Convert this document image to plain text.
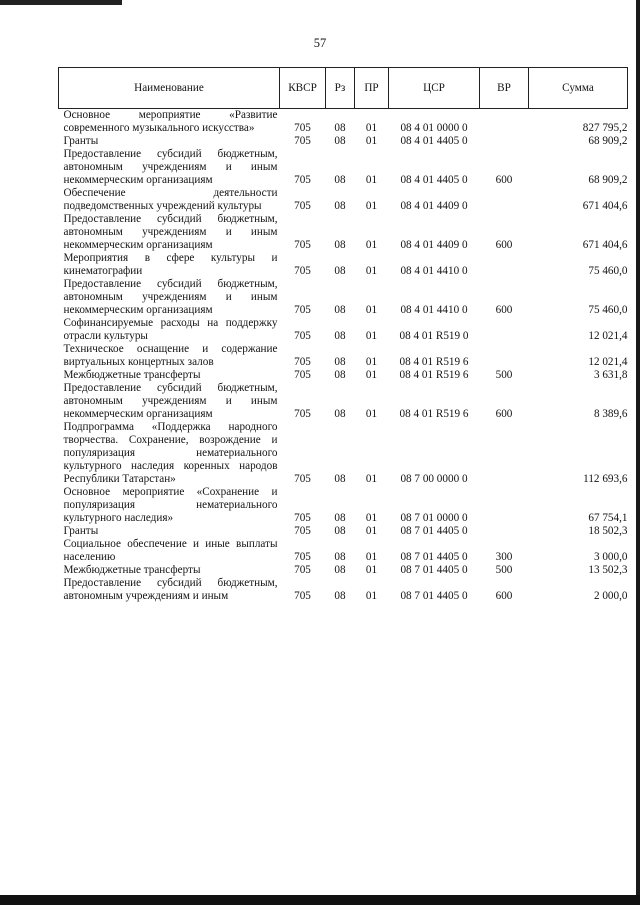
57
Наименование	КВСР	Рз	ПР	ЦСР	ВР	Сумма
Основное мероприятие «Развитие современного музыкального искусства»	705	08	01	08 4 01 0000 0		827 795,2
Гранты	705	08	01	08 4 01 4405 0		68 909,2
Предоставление субсидий бюджетным, автономным учреждениям и иным некоммерческим организациям	705	08	01	08 4 01 4405 0	600	68 909,2
Обеспечение деятельности подведомственных учреждений культуры	705	08	01	08 4 01 4409 0		671 404,6
Предоставление субсидий бюджетным, автономным учреждениям и иным некоммерческим организациям	705	08	01	08 4 01 4409 0	600	671 404,6
Мероприятия в сфере культуры и кинематографии	705	08	01	08 4 01 4410 0		75 460,0
Предоставление субсидий бюджетным, автономным учреждениям и иным некоммерческим организациям	705	08	01	08 4 01 4410 0	600	75 460,0
Софинансируемые расходы на поддержку отрасли культуры	705	08	01	08 4 01 R519 0		12 021,4
Техническое оснащение и содержание виртуальных концертных залов	705	08	01	08 4 01 R519 6		12 021,4
Межбюджетные трансферты	705	08	01	08 4 01 R519 6	500	3 631,8
Предоставление субсидий бюджетным, автономным учреждениям и иным некоммерческим организациям	705	08	01	08 4 01 R519 6	600	8 389,6
Подпрограмма «Поддержка народного творчества. Сохранение, возрождение и популяризация нематериального культурного наследия коренных народов Республики Татарстан»	705	08	01	08 7 00 0000 0		112 693,6
Основное мероприятие «Сохранение и популяризация нематериального культурного наследия»	705	08	01	08 7 01 0000 0		67 754,1
Гранты	705	08	01	08 7 01 4405 0		18 502,3
Социальное обеспечение и иные выплаты населению	705	08	01	08 7 01 4405 0	300	3 000,0
Межбюджетные трансферты	705	08	01	08 7 01 4405 0	500	13 502,3
Предоставление субсидий бюджетным, автономным учреждениям и иным	705	08	01	08 7 01 4405 0	600	2 000,0
